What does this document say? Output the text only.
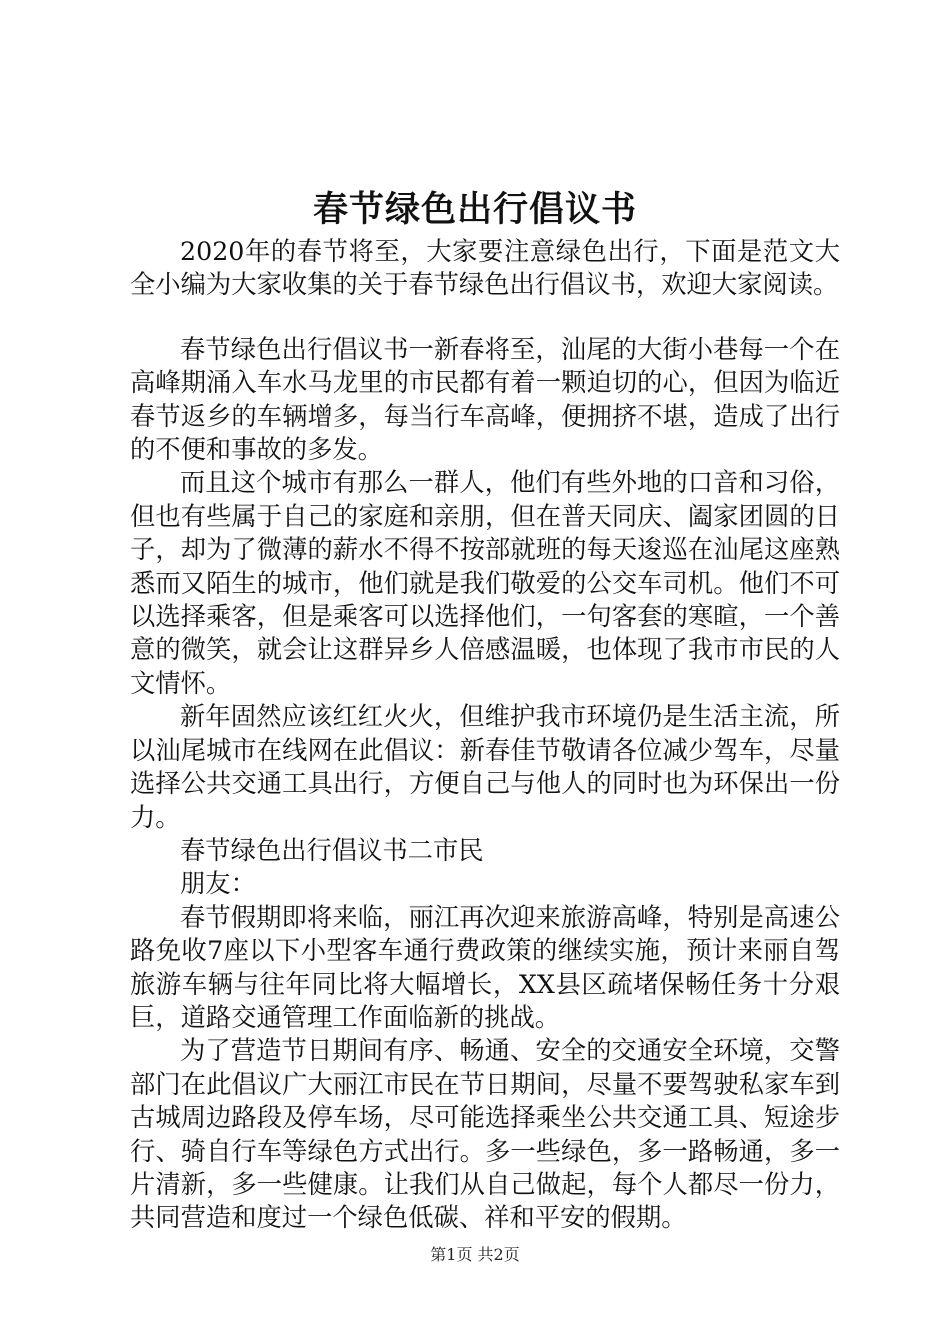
春节绿色出行倡议书

2020年的春节将至，大家要注意绿色出行，下面是范文大全小编为大家收集的关于春节绿色出行倡议书，欢迎大家阅读。

春节绿色出行倡议书一新春将至，汕尾的大街小巷每一个在高峰期涌入车水马龙里的市民都有着一颗迫切的心，但因为临近春节返乡的车辆增多，每当行车高峰，便拥挤不堪，造成了出行的不便和事故的多发。

而且这个城市有那么一群人，他们有些外地的口音和习俗，但也有些属于自己的家庭和亲朋，但在普天同庆、阖家团圆的日子，却为了微薄的薪水不得不按部就班的每天逡巡在汕尾这座熟悉而又陌生的城市，他们就是我们敬爱的公交车司机。他们不可以选择乘客，但是乘客可以选择他们，一句客套的寒暄，一个善意的微笑，就会让这群异乡人倍感温暖，也体现了我市市民的人文情怀。

新年固然应该红红火火，但维护我市环境仍是生活主流，所以汕尾城市在线网在此倡议：新春佳节敬请各位减少驾车，尽量选择公共交通工具出行，方便自己与他人的同时也为环保出一份力。

春节绿色出行倡议书二市民

朋友：

春节假期即将来临，丽江再次迎来旅游高峰，特别是高速公路免收7座以下小型客车通行费政策的继续实施，预计来丽自驾旅游车辆与往年同比将大幅增长，XX县区疏堵保畅任务十分艰巨，道路交通管理工作面临新的挑战。

为了营造节日期间有序、畅通、安全的交通安全环境，交警部门在此倡议广大丽江市民在节日期间，尽量不要驾驶私家车到古城周边路段及停车场，尽可能选择乘坐公共交通工具、短途步行、骑自行车等绿色方式出行。多一些绿色，多一路畅通，多一片清新，多一些健康。让我们从自己做起，每个人都尽一份力，共同营造和度过一个绿色低碳、祥和平安的假期。

第1页 共2页
